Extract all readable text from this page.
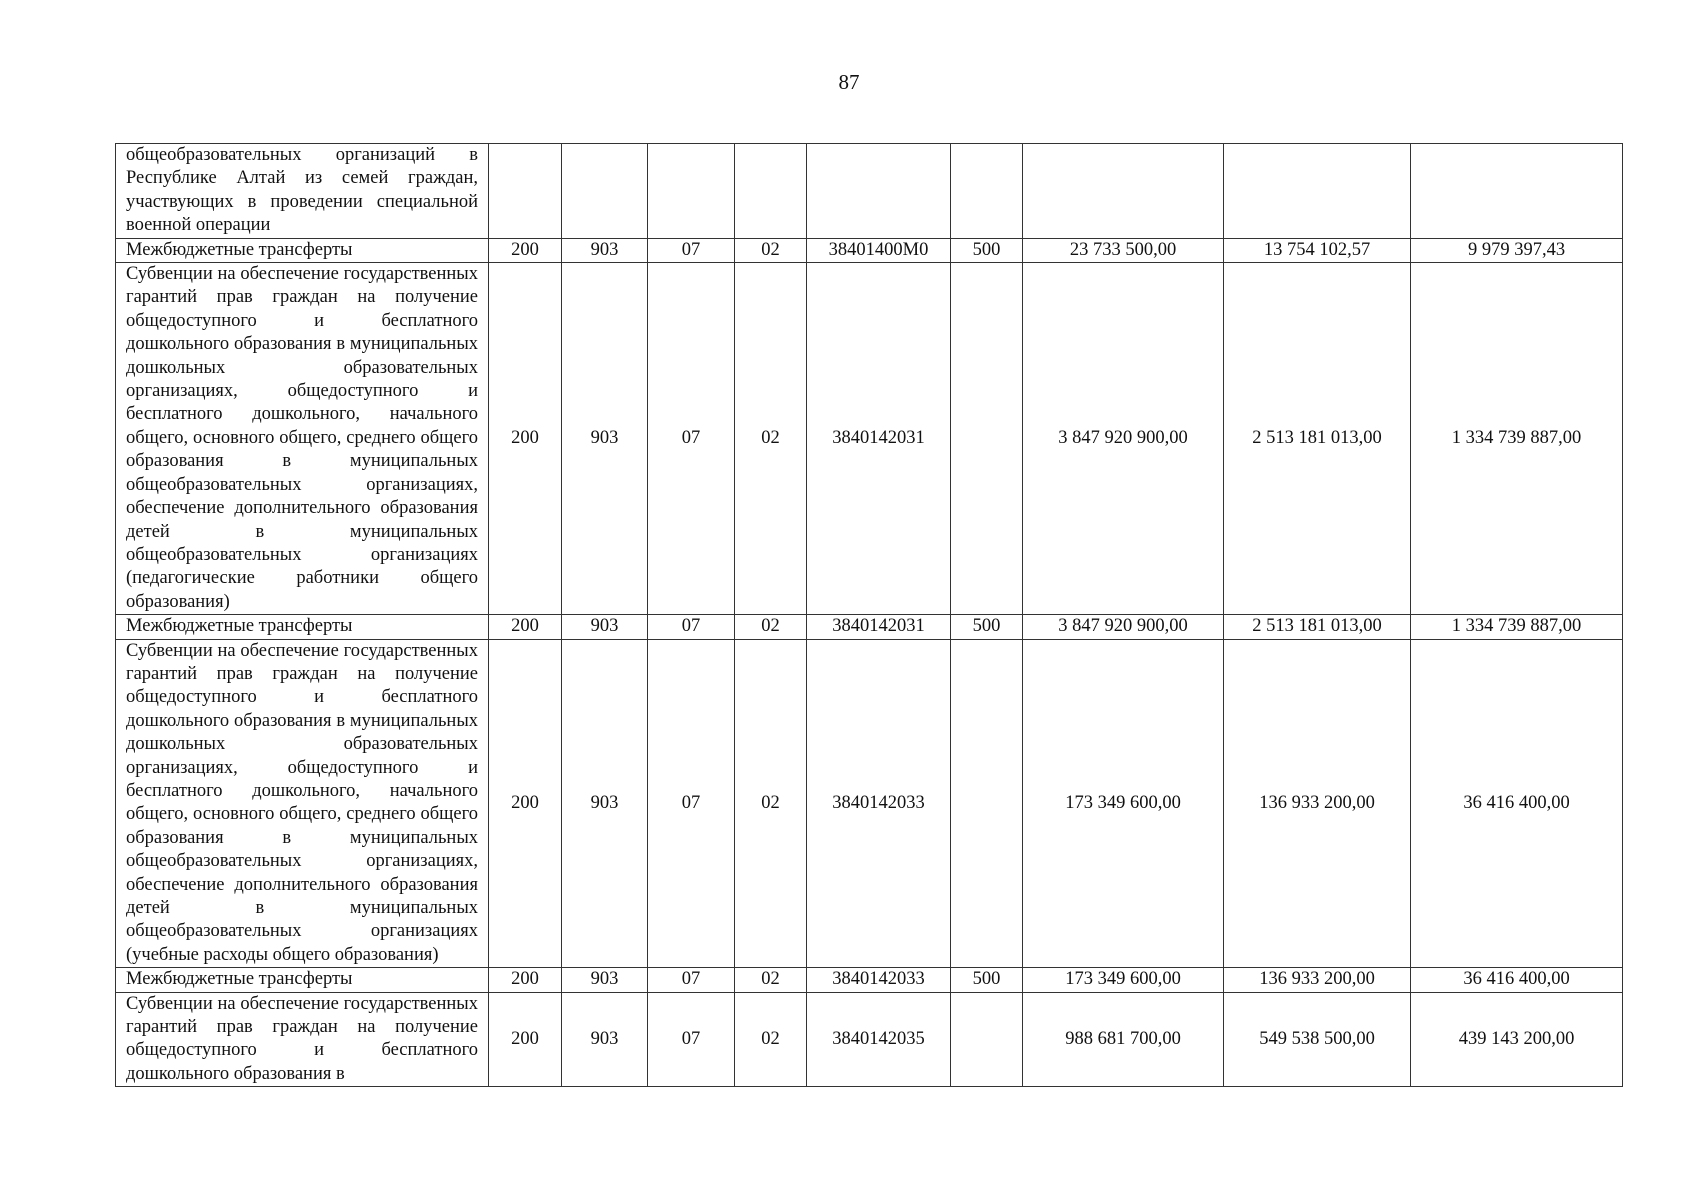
87
общеобразовательных организаций в Республике Алтай из семей граждан, участвующих в проведении специальной военной операции									
Межбюджетные трансферты	200	903	07	02	38401400М0	500	23 733 500,00	13 754 102,57	9 979 397,43
Субвенции на обеспечение государственных гарантий прав граждан на получение общедоступного и бесплатного дошкольного образования в муниципальных дошкольных образовательных организациях, общедоступного и бесплатного дошкольного, начального общего, основного общего, среднего общего образования в муниципальных общеобразовательных организациях, обеспечение дополнительного образования детей в муниципальных общеобразовательных организациях (педагогические работники общего образования)	200	903	07	02	3840142031		3 847 920 900,00	2 513 181 013,00	1 334 739 887,00
Межбюджетные трансферты	200	903	07	02	3840142031	500	3 847 920 900,00	2 513 181 013,00	1 334 739 887,00
Субвенции на обеспечение государственных гарантий прав граждан на получение общедоступного и бесплатного дошкольного образования в муниципальных дошкольных образовательных организациях, общедоступного и бесплатного дошкольного, начального общего, основного общего, среднего общего образования в муниципальных общеобразовательных организациях, обеспечение дополнительного образования детей в муниципальных общеобразовательных организациях (учебные расходы общего образования)	200	903	07	02	3840142033		173 349 600,00	136 933 200,00	36 416 400,00
Межбюджетные трансферты	200	903	07	02	3840142033	500	173 349 600,00	136 933 200,00	36 416 400,00
Субвенции на обеспечение государственных гарантий прав граждан на получение общедоступного и бесплатного дошкольного образования в	200	903	07	02	3840142035		988 681 700,00	549 538 500,00	439 143 200,00
